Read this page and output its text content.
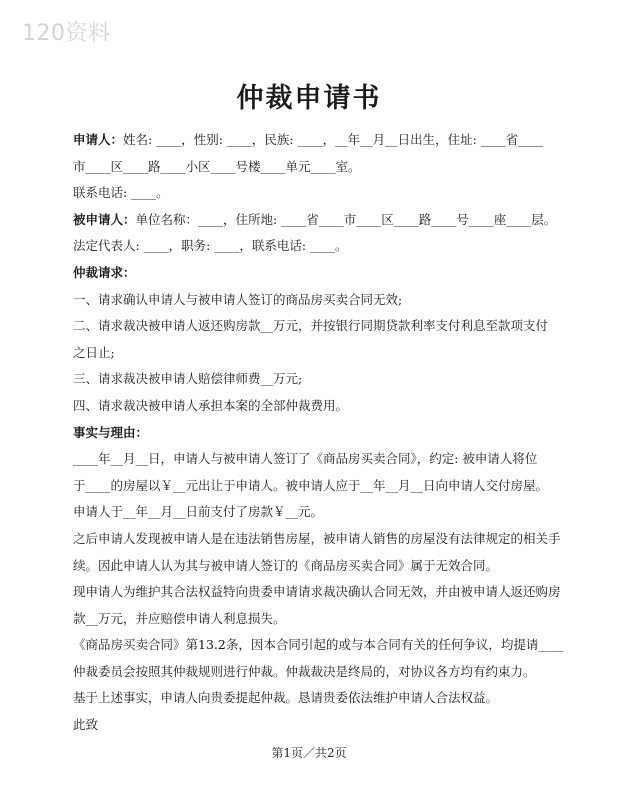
120资料
仲裁申请书
申请人：姓名: ____，性别: ____，民族: ____，__年__月__日出生，住址: ____省____
市____区____路____小区____号楼____单元____室。
联系电话: ____。
被申请人：单位名称：____，住所地: ____省____市____区____路____号____座____层。
法定代表人: ____，职务: ____，联系电话: ____。
仲裁请求：
一、请求确认申请人与被申请人签订的商品房买卖合同无效;
二、请求裁决被申请人返还购房款__万元，并按银行同期贷款利率支付利息至款项支付
之日止;
三、请求裁决被申请人赔偿律师费__万元;
四、请求裁决被申请人承担本案的全部仲裁费用。
事实与理由：
____年__月__日，申请人与被申请人签订了《商品房买卖合同》，约定: 被申请人将位
于____的房屋以￥__元出让于申请人。被申请人应于__年__月__日向申请人交付房屋。
申请人于__年__月__日前支付了房款￥__元。
之后申请人发现被申请人是在违法销售房屋，被申请人销售的房屋没有法律规定的相关手
续。因此申请人认为其与被申请人签订的《商品房买卖合同》属于无效合同。
现申请人为维护其合法权益特向贵委申请请求裁决确认合同无效，并由被申请人返还购房
款__万元，并应赔偿申请人利息损失。
《商品房买卖合同》第13.2条，因本合同引起的或与本合同有关的任何争议，均提请____
仲裁委员会按照其仲裁规则进行仲裁。仲裁裁决是终局的，对协议各方均有约束力。
基于上述事实，申请人向贵委提起仲裁。恳请贵委依法维护申请人合法权益。
此致
第1页／共2页
